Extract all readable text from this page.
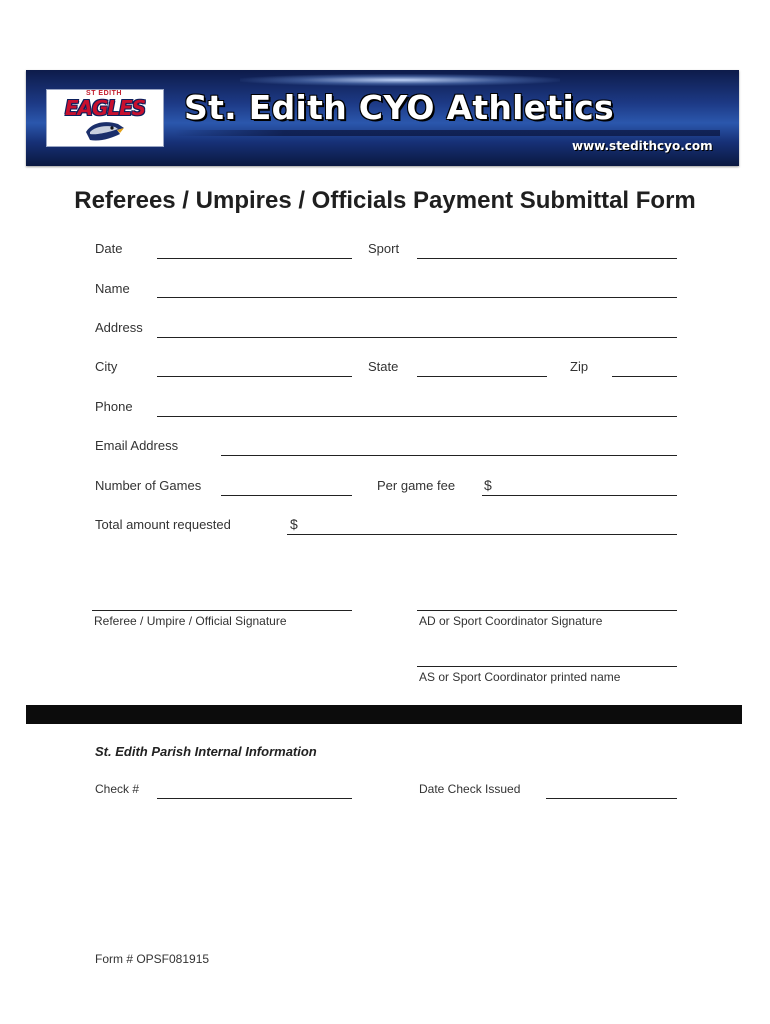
ST EDITH
EAGLES	St. Edith CYO Athletics
www.stedithcyo.com
Referees / Umpires / Officials Payment Submittal Form
Date	Sport
Name
Address
City	State	Zip
Phone
Email Address
Number of Games	Per game fee $
Total amount requested	$
Referee / Umpire / Official Signature	AD or Sport Coordinator Signature
AS or Sport Coordinator printed name
St. Edith Parish Internal Information
Check #	Date Check Issued
Form # OPSF081915
